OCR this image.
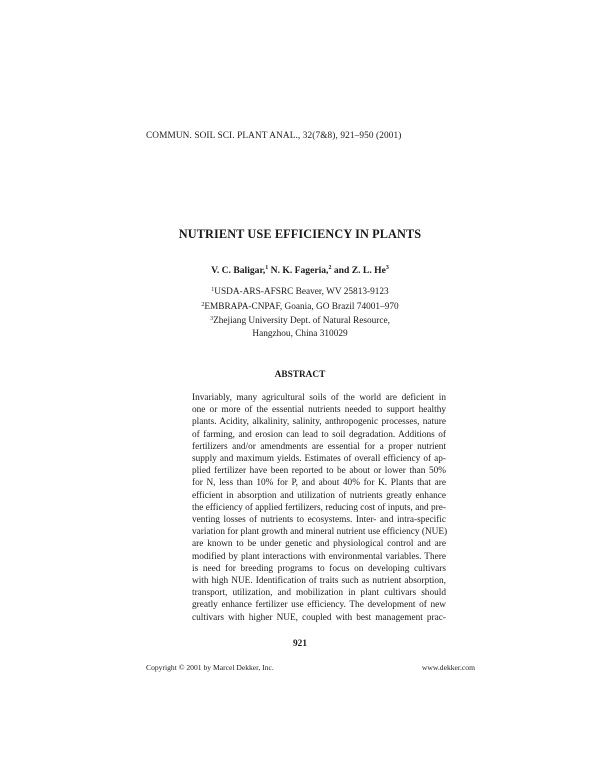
COMMUN. SOIL SCI. PLANT ANAL., 32(7&8), 921–950 (2001)
NUTRIENT USE EFFICIENCY IN PLANTS
V. C. Baligar,$^1$ N. K. Fageria,$^2$ and Z. L. He$^3$
$^1$USDA-ARS-AFSRC Beaver, WV 25813-9123
$^2$EMBRAPA-CNPAF, Goania, GO Brazil 74001–970
$^3$Zhejiang University Dept. of Natural Resource,
Hangzhou, China 310029
ABSTRACT
Invariably, many agricultural soils of the world are deficient in
one or more of the essential nutrients needed to support healthy
plants. Acidity, alkalinity, salinity, anthropogenic processes, nature
of farming, and erosion can lead to soil degradation. Additions of
fertilizers and/or amendments are essential for a proper nutrient
supply and maximum yields. Estimates of overall efficiency of ap-
plied fertilizer have been reported to be about or lower than 50%
for N, less than 10% for P, and about 40% for K. Plants that are
efficient in absorption and utilization of nutrients greatly enhance
the efficiency of applied fertilizers, reducing cost of inputs, and pre-
venting losses of nutrients to ecosystems. Inter- and intra-specific
variation for plant growth and mineral nutrient use efficiency (NUE)
are known to be under genetic and physiological control and are
modified by plant interactions with environmental variables. There
is need for breeding programs to focus on developing cultivars
with high NUE. Identification of traits such as nutrient absorption,
transport, utilization, and mobilization in plant cultivars should
greatly enhance fertilizer use efficiency. The development of new
cultivars with higher NUE, coupled with best management prac-
921
Copyright © 2001 by Marcel Dekker, Inc.	www.dekker.com
